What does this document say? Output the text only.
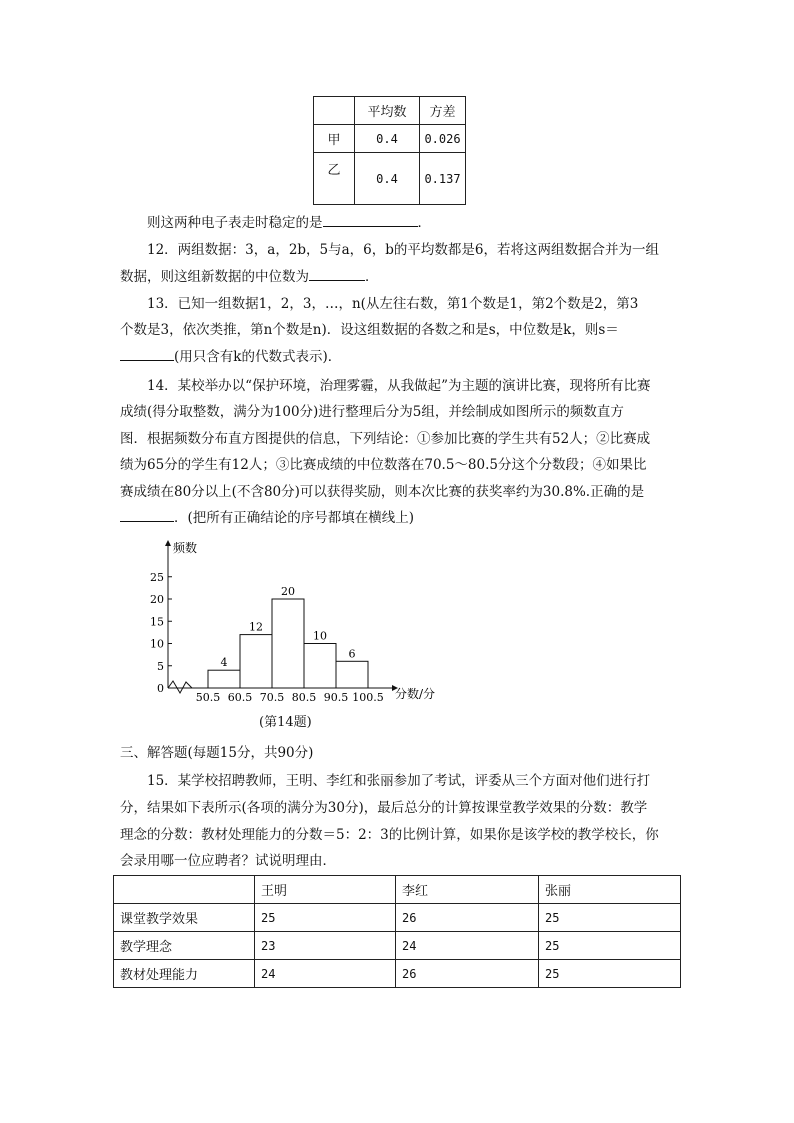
	平均数	方差
甲	0.4	0.026
乙	0.4	0.137
则这两种电子表走时稳定的是	．
12．两组数据：3，a，2b，5与a，6，b的平均数都是6，若将这两组数据合并为一组
数据，则这组新数据的中位数为	．
13．已知一组数据1，2，3，…，n(从左往右数，第1个数是1，第2个数是2，第3
个数是3，依次类推，第n个数是n)．设这组数据的各数之和是s，中位数是k，则s＝
(用只含有k的代数式表示)．
14．某校举办以“保护环境，治理雾霾，从我做起”为主题的演讲比赛，现将所有比赛
成绩(得分取整数，满分为100分)进行整理后分为5组，并绘制成如图所示的频数直方
图．根据频数分布直方图提供的信息，下列结论：①参加比赛的学生共有52人；②比赛成
绩为65分的学生有12人；③比赛成绩的中位数落在70.5～80.5分这个分数段；④如果比
赛成绩在80分以上(不含80分)可以获得奖励，则本次比赛的获奖率约为30.8%.正确的是
．(把所有正确结论的序号都填在横线上)
频数
分数/分
0
5
10
15
20
25
4
12
20
10
6
50.5 60.5 70.5 80.5 90.5 100.5
(第14题)
三、解答题(每题15分，共90分)
15．某学校招聘教师，王明、李红和张丽参加了考试，评委从三个方面对他们进行打
分，结果如下表所示(各项的满分为30分)，最后总分的计算按课堂教学效果的分数：教学
理念的分数：教材处理能力的分数＝5：2：3的比例计算，如果你是该学校的教学校长，你
会录用哪一位应聘者？试说明理由．
	王明	李红	张丽
课堂教学效果	25	26	25
教学理念	23	24	25
教材处理能力	24	26	25
